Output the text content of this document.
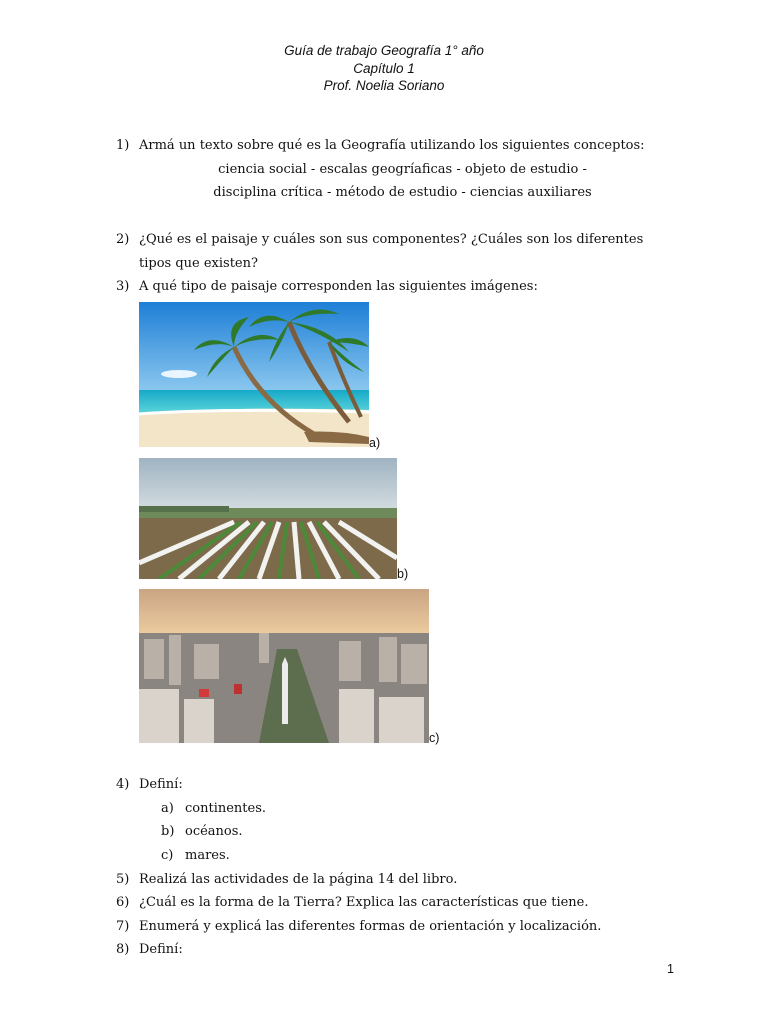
Guía de trabajo Geografía 1° año
Capítulo 1
Prof. Noelia Soriano
1) Armá un texto sobre qué es la Geografía utilizando los siguientes conceptos:
ciencia social - escalas geogríaficas - objeto de estudio -
disciplina crítica - método de estudio - ciencias auxiliares
2) ¿Qué es el paisaje y cuáles son sus componentes? ¿Cuáles son los diferentes
tipos que existen?
3) A qué tipo de paisaje corresponden las siguientes imágenes:
a)
b)
c)
4) Definí:
a) continentes.
b) océanos.
c) mares.
5) Realizá las actividades de la página 14 del libro.
6) ¿Cuál es la forma de la Tierra? Explica las características que tiene.
7) Enumerá y explicá las diferentes formas de orientación y localización.
8) Definí:
1
